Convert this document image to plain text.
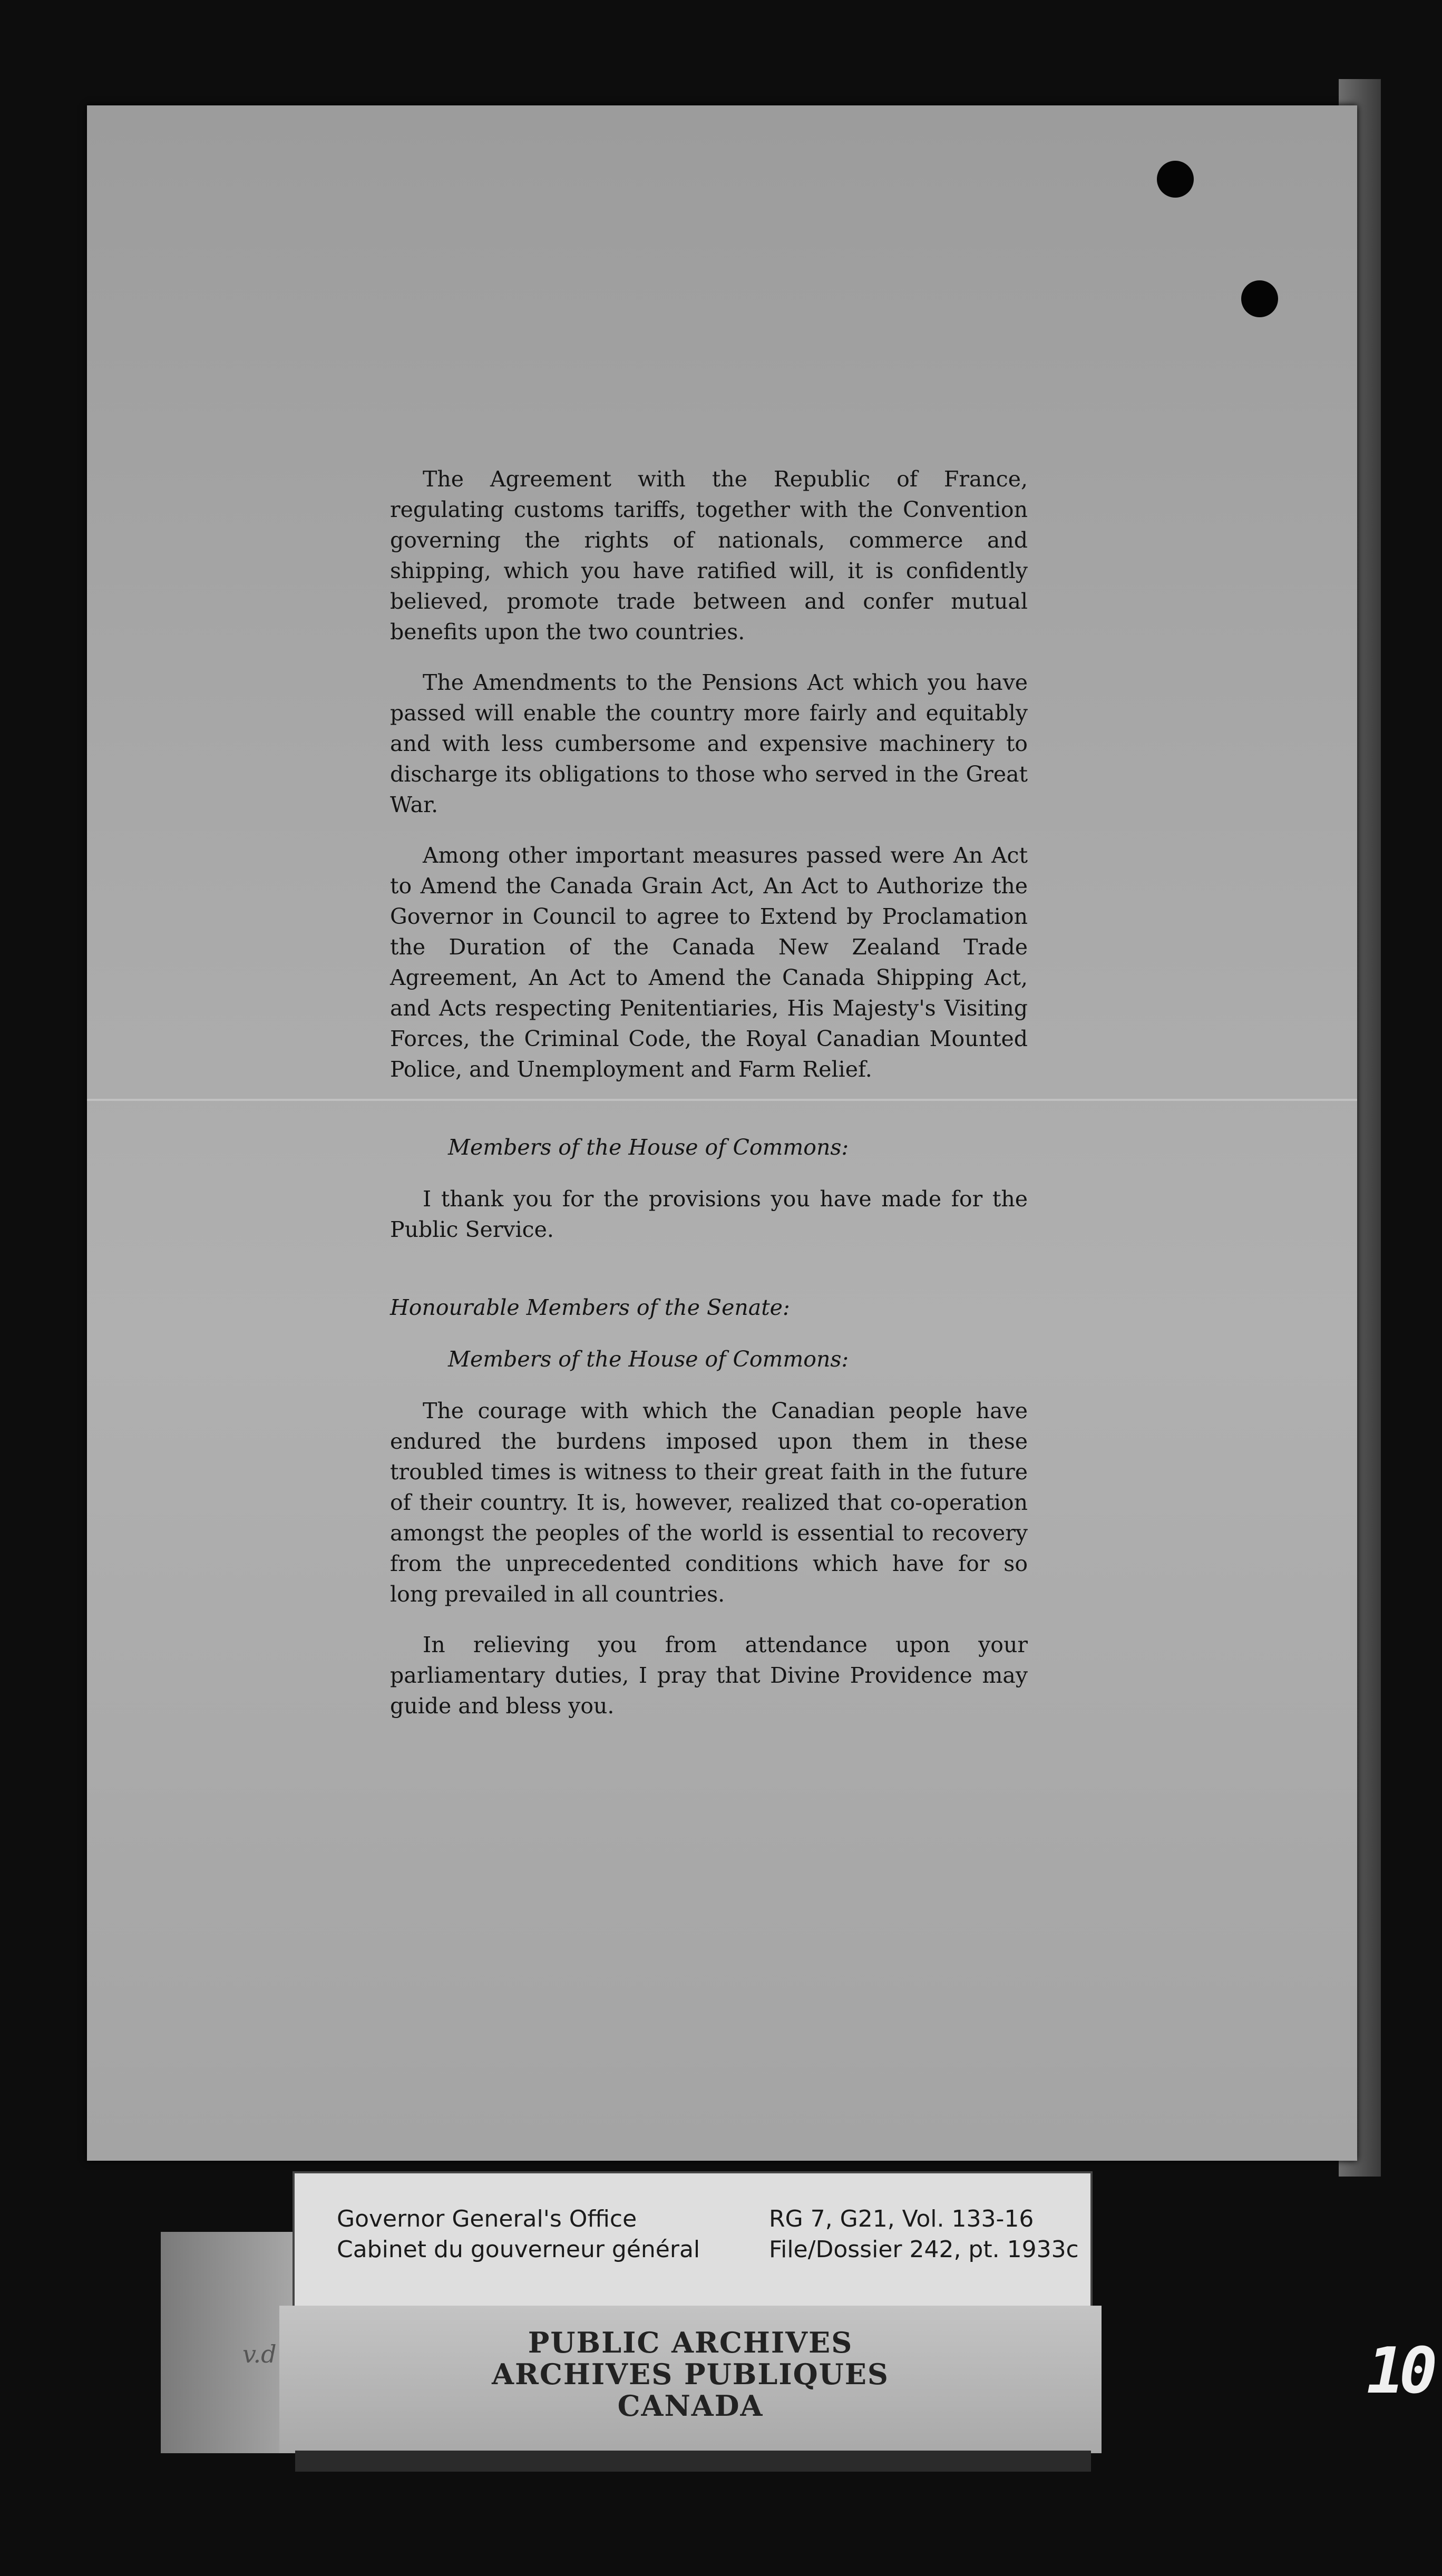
The Agreement with the Republic of France, regulating customs tariffs, together with the Convention governing the rights of nationals, commerce and shipping, which you have ratified will, it is confidently believed, promote trade between and confer mutual benefits upon the two countries.

The Amendments to the Pensions Act which you have passed will enable the country more fairly and equitably and with less cumbersome and expensive machinery to discharge its obligations to those who served in the Great War.

Among other important measures passed were An Act to Amend the Canada Grain Act, An Act to Authorize the Governor in Council to agree to Extend by Proclamation the Duration of the Canada New Zealand Trade Agreement, An Act to Amend the Canada Shipping Act, and Acts respecting Penitentiaries, His Majesty's Visiting Forces, the Criminal Code, the Royal Canadian Mounted Police, and Unemployment and Farm Relief.

Members of the House of Commons:

I thank you for the provisions you have made for the Public Service.

Honourable Members of the Senate:
Members of the House of Commons:

The courage with which the Canadian people have endured the burdens imposed upon them in these troubled times is witness to their great faith in the future of their country. It is, however, realized that co-operation amongst the peoples of the world is essential to recovery from the unprecedented conditions which have for so long prevailed in all countries.

In relieving you from attendance upon your parliamentary duties, I pray that Divine Providence may guide and bless you.

Governor General's Office
Cabinet du gouverneur général
RG 7, G21, Vol. 133-16
File/Dossier 242, pt. 1933c
PUBLIC ARCHIVES
ARCHIVES PUBLIQUES
CANADA
v.d	10
